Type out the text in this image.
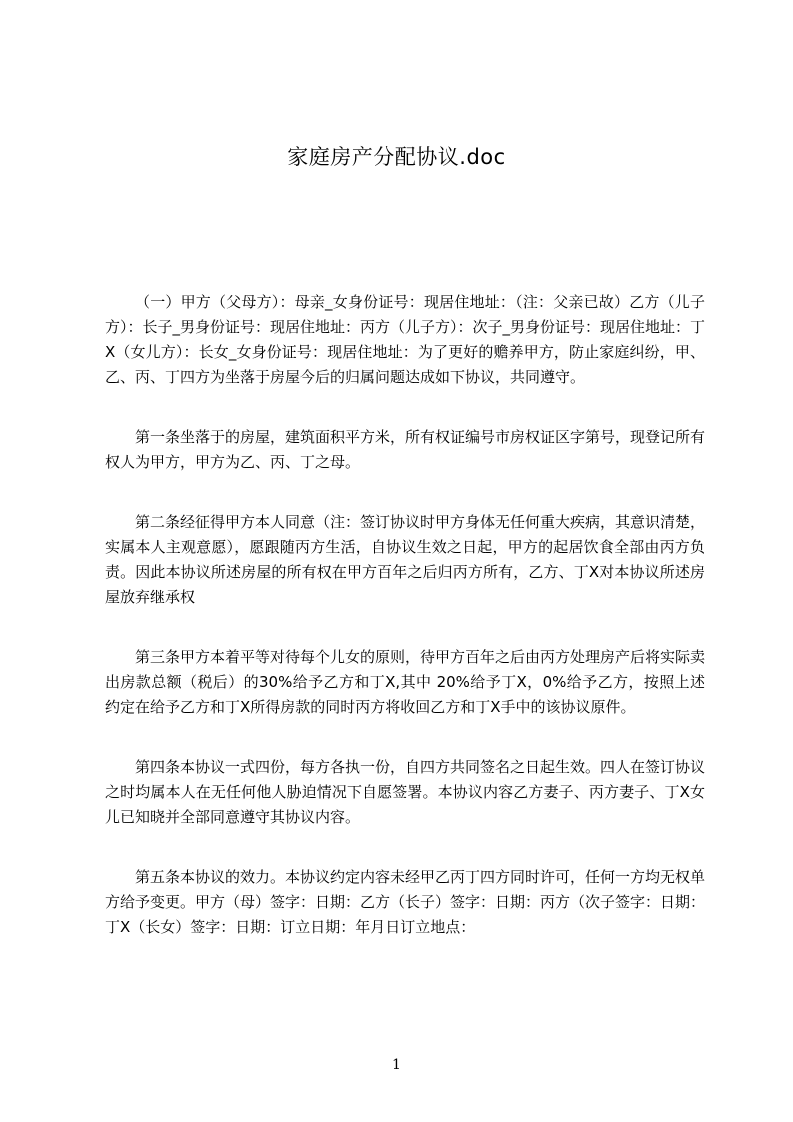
家庭房产分配协议.doc

（一）甲方（父母方）：母亲_女身份证号：现居住地址：（注：父亲已故）乙方（儿子方）：长子_男身份证号：现居住地址：丙方（儿子方）：次子_男身份证号：现居住地址：丁X（女儿方）：长女_女身份证号：现居住地址：为了更好的赡养甲方，防止家庭纠纷，甲、乙、丙、丁四方为坐落于房屋今后的归属问题达成如下协议，共同遵守。

第一条坐落于的房屋，建筑面积平方米，所有权证编号市房权证区字第号，现登记所有权人为甲方，甲方为乙、丙、丁之母。

第二条经征得甲方本人同意（注：签订协议时甲方身体无任何重大疾病，其意识清楚，实属本人主观意愿），愿跟随丙方生活，自协议生效之日起，甲方的起居饮食全部由丙方负责。因此本协议所述房屋的所有权在甲方百年之后归丙方所有，乙方、丁X对本协议所述房屋放弃继承权

第三条甲方本着平等对待每个儿女的原则，待甲方百年之后由丙方处理房产后将实际卖出房款总额（税后）的30%给予乙方和丁X,其中 20%给予丁X，0%给予乙方，按照上述约定在给予乙方和丁X所得房款的同时丙方将收回乙方和丁X手中的该协议原件。

第四条本协议一式四份，每方各执一份，自四方共同签名之日起生效。四人在签订协议之时均属本人在无任何他人胁迫情况下自愿签署。本协议内容乙方妻子、丙方妻子、丁X女儿已知晓并全部同意遵守其协议内容。

第五条本协议的效力。本协议约定内容未经甲乙丙丁四方同时许可，任何一方均无权单方给予变更。甲方（母）签字：日期：乙方（长子）签字：日期：丙方（次子签字：日期：丁X（长女）签字：日期：订立日期：年月日订立地点：

1
